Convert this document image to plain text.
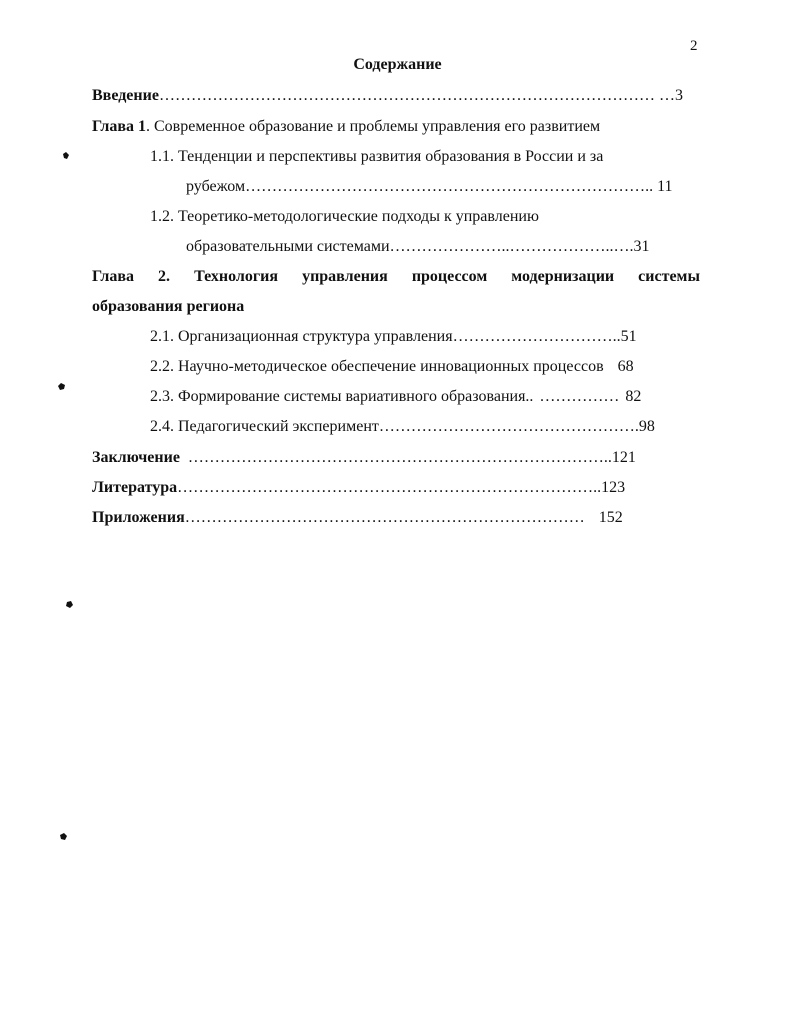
2
Содержание
Введение………………………………………………………………………………… …3
Глава 1. Современное образование и проблемы управления его развитием
1.1. Тенденции и перспективы развития образования в России и за
рубежом………………………………………………………………….. 11
1.2. Теоретико-методологические подходы к управлению
образовательными системами…………………..………………..….31
Глава 2. Технология управления процессом модернизации системы
образования региона
2.1. Организационная структура управления…………………………..51
2.2. Научно-методическое обеспечение инновационных процессов 68
2.3. Формирование системы вариативного образования.. …………… 82
2.4. Педагогический эксперимент………………………………………….98
Заключение ……………………………………………………………………..121
Литература……………………………………………………………………..123
Приложения………………………………………………………………… 152
